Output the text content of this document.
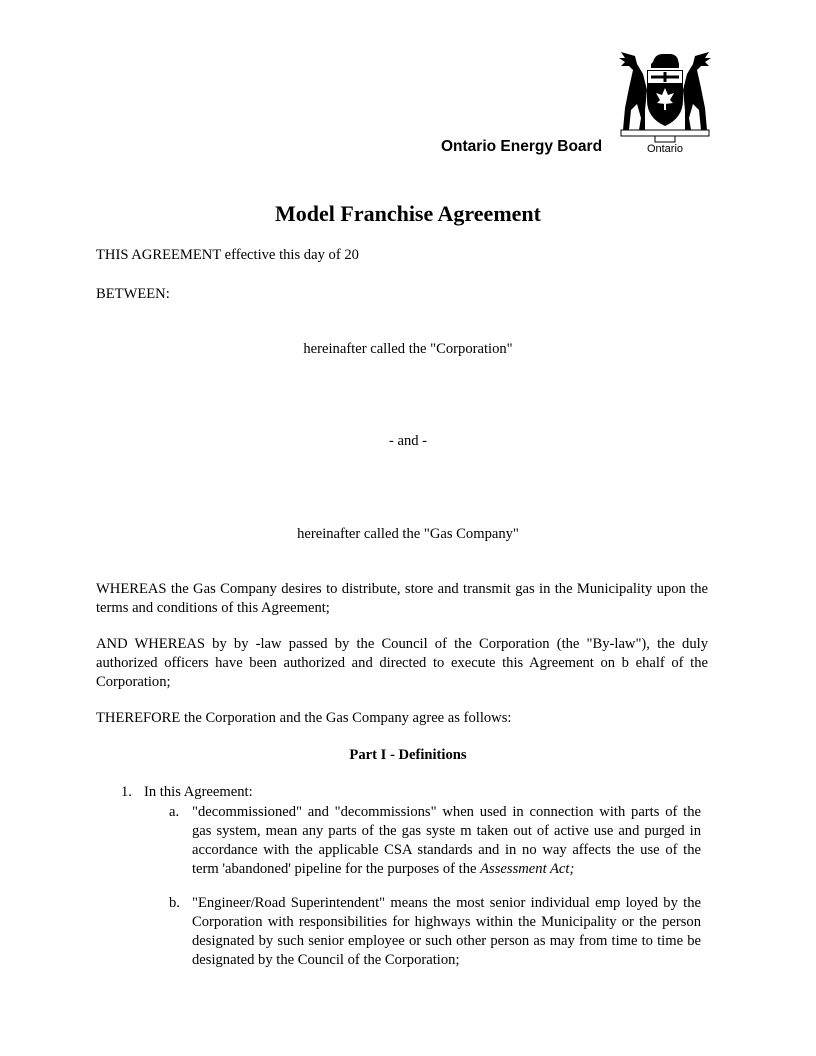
Ontario Energy Board	Ontario
Model Franchise Agreement
THIS AGREEMENT effective this day of 20
BETWEEN:
hereinafter called the "Corporation"
- and -
hereinafter called the "Gas Company"
WHEREAS the Gas Company desires to distribute, store and transmit gas in the Municipality upon the terms and conditions of this Agreement;
AND WHEREAS by by -law passed by the Council of the Corporation (the "By-law"), the duly authorized officers have been authorized and directed to execute this Agreement on b ehalf of the Corporation;
THEREFORE the Corporation and the Gas Company agree as follows:
Part I - Definitions
1. In this Agreement:
a. "decommissioned" and "decommissions" when used in connection with parts of the gas system, mean any parts of the gas syste m taken out of active use and purged in accordance with the applicable CSA standards and in no way affects the use of the term 'abandoned' pipeline for the purposes of the Assessment Act;
b. "Engineer/Road Superintendent" means the most senior individual emp loyed by the Corporation with responsibilities for highways within the Municipality or the person designated by such senior employee or such other person as may from time to time be designated by the Council of the Corporation;
